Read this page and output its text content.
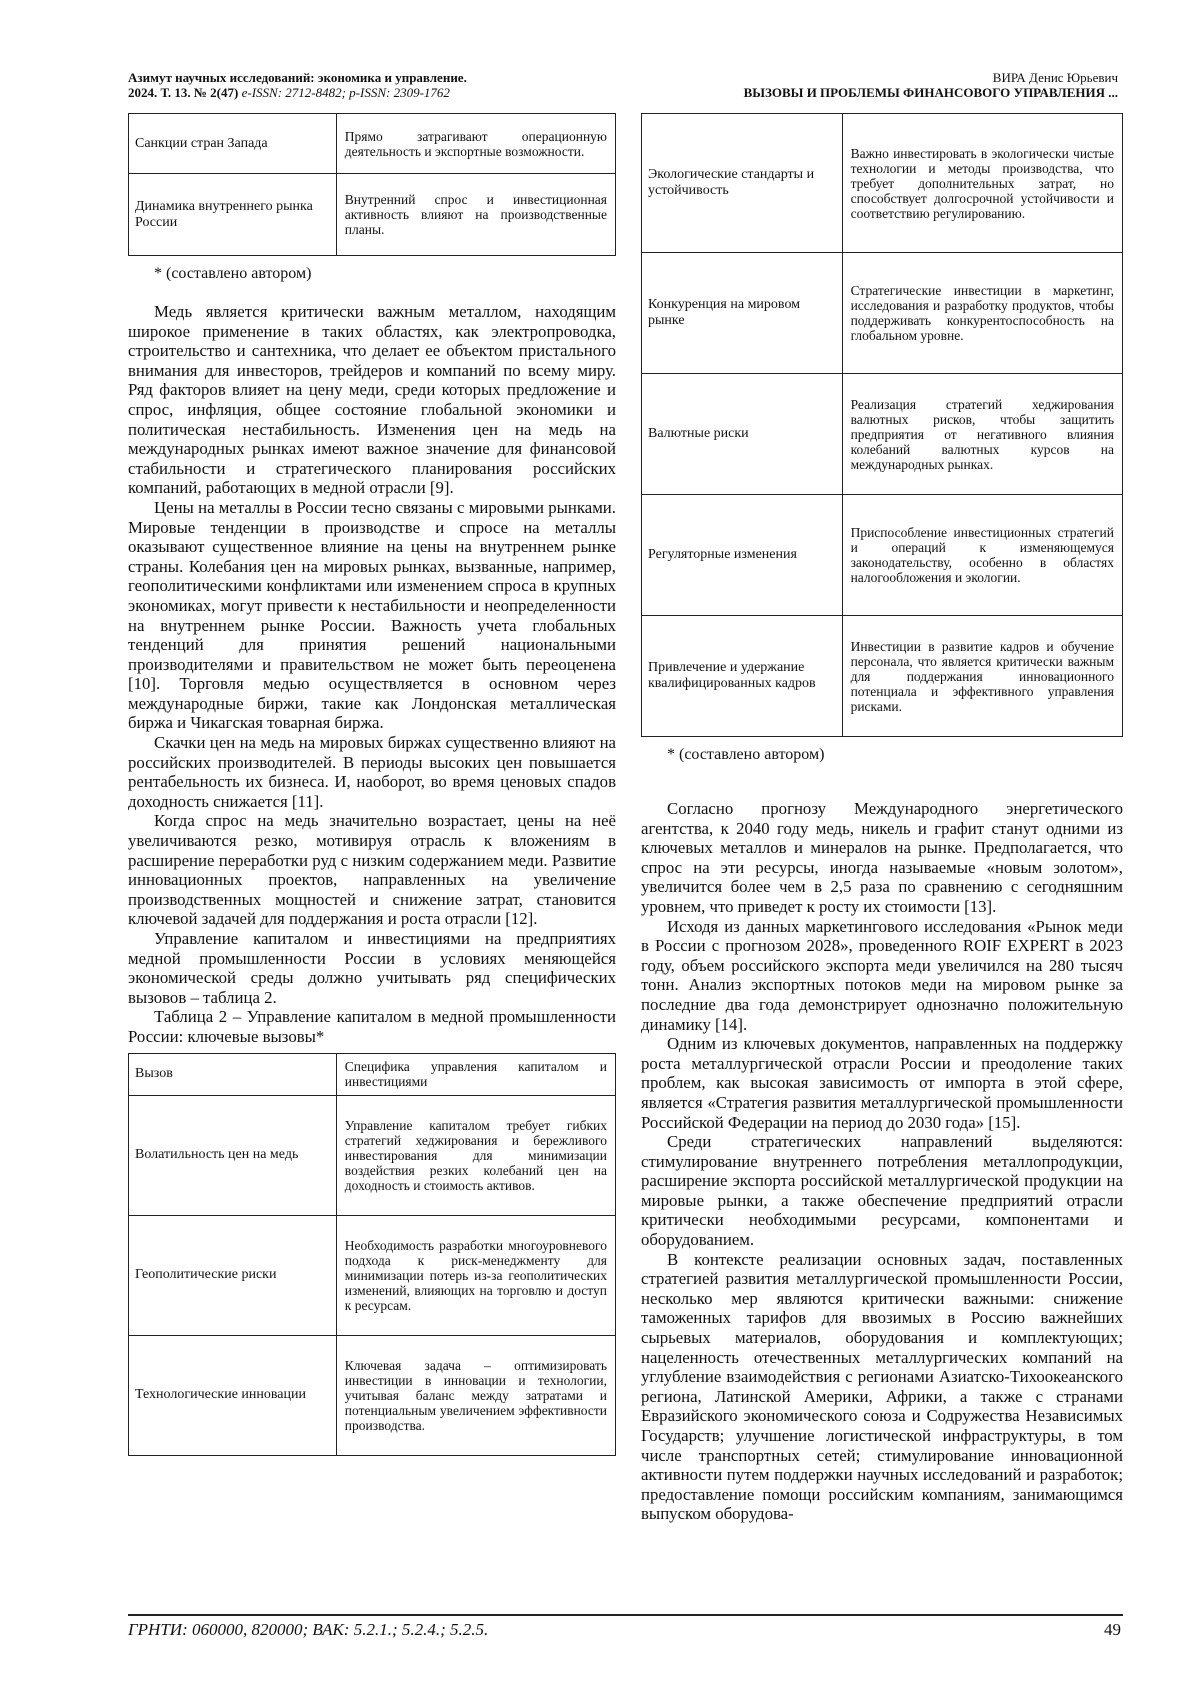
Азимут научных исследований: экономика и управление.
2024. Т. 13. № 2(47) e-ISSN: 2712-8482; p-ISSN: 2309-1762
ВИРА Денис Юрьевич
ВЫЗОВЫ И ПРОБЛЕМЫ ФИНАНСОВОГО УПРАВЛЕНИЯ ...
Санкции стран Запада	Прямо затрагивают операционную деятельность и экспортные возможности.
Динамика внутреннего рынка России	Внутренний спрос и инвестиционная активность влияют на производственные планы.
* (составлено автором)

Медь является критически важным металлом, находящим широкое применение в таких областях, как электропроводка, строительство и сантехника, что делает ее объектом пристального внимания для инвесторов, трейдеров и компаний по всему миру. Ряд факторов влияет на цену меди, среди которых предложение и спрос, инфляция, общее состояние глобальной экономики и политическая нестабильность. Изменения цен на медь на международных рынках имеют важное значение для финансовой стабильности и стратегического планирования российских компаний, работающих в медной отрасли [9].

Цены на металлы в России тесно связаны с мировыми рынками. Мировые тенденции в производстве и спросе на металлы оказывают существенное влияние на цены на внутреннем рынке страны. Колебания цен на мировых рынках, вызванные, например, геополитическими конфликтами или изменением спроса в крупных экономиках, могут привести к нестабильности и неопределенности на внутреннем рынке России. Важность учета глобальных тенденций для принятия решений национальными производителями и правительством не может быть переоценена [10]. Торговля медью осуществляется в основном через международные биржи, такие как Лондонская металлическая биржа и Чикагская товарная биржа.

Скачки цен на медь на мировых биржах существенно влияют на российских производителей. В периоды высоких цен повышается рентабельность их бизнеса. И, наоборот, во время ценовых спадов доходность снижается [11].

Когда спрос на медь значительно возрастает, цены на неё увеличиваются резко, мотивируя отрасль к вложениям в расширение переработки руд с низким содержанием меди. Развитие инновационных проектов, направленных на увеличение производственных мощностей и снижение затрат, становится ключевой задачей для поддержания и роста отрасли [12].

Управление капиталом и инвестициями на предприятиях медной промышленности России в условиях меняющейся экономической среды должно учитывать ряд специфических вызовов – таблица 2.

Таблица 2 – Управление капиталом в медной промышленности России: ключевые вызовы*

Вызов	Специфика управления капиталом и инвестициями
Волатильность цен на медь	Управление капиталом требует гибких стратегий хеджирования и бережливого инвестирования для минимизации воздействия резких колебаний цен на доходность и стоимость активов.
Геополитические риски	Необходимость разработки многоуровневого подхода к риск-менеджменту для минимизации потерь из-за геополитических изменений, влияющих на торговлю и доступ к ресурсам.
Технологические инновации	Ключевая задача – оптимизировать инвестиции в инновации и технологии, учитывая баланс между затратами и потенциальным увеличением эффективности производства.
Экологические стандарты и устойчивость	Важно инвестировать в экологически чистые технологии и методы производства, что требует дополнительных затрат, но способствует долгосрочной устойчивости и соответствию регулированию.
Конкуренция на мировом рынке	Стратегические инвестиции в маркетинг, исследования и разработку продуктов, чтобы поддерживать конкурентоспособность на глобальном уровне.
Валютные риски	Реализация стратегий хеджирования валютных рисков, чтобы защитить предприятия от негативного влияния колебаний валютных курсов на международных рынках.
Регуляторные изменения	Приспособление инвестиционных стратегий и операций к изменяющемуся законодательству, особенно в областях налогообложения и экологии.
Привлечение и удержание квалифицированных кадров	Инвестиции в развитие кадров и обучение персонала, что является критически важным для поддержания инновационного потенциала и эффективного управления рисками.
* (составлено автором)

Согласно прогнозу Международного энергетического агентства, к 2040 году медь, никель и графит станут одними из ключевых металлов и минералов на рынке. Предполагается, что спрос на эти ресурсы, иногда называемые «новым золотом», увеличится более чем в 2,5 раза по сравнению с сегодняшним уровнем, что приведет к росту их стоимости [13].

Исходя из данных маркетингового исследования «Рынок меди в России с прогнозом 2028», проведенного ROIF EXPERT в 2023 году, объем российского экспорта меди увеличился на 280 тысяч тонн. Анализ экспортных потоков меди на мировом рынке за последние два года демонстрирует однозначно положительную динамику [14].

Одним из ключевых документов, направленных на поддержку роста металлургической отрасли России и преодоление таких проблем, как высокая зависимость от импорта в этой сфере, является «Стратегия развития металлургической промышленности Российской Федерации на период до 2030 года» [15].

Среди стратегических направлений выделяются: стимулирование внутреннего потребления металлопродукции, расширение экспорта российской металлургической продукции на мировые рынки, а также обеспечение предприятий отрасли критически необходимыми ресурсами, компонентами и оборудованием.

В контексте реализации основных задач, поставленных стратегией развития металлургической промышленности России, несколько мер являются критически важными: снижение таможенных тарифов для ввозимых в Россию важнейших сырьевых материалов, оборудования и комплектующих; нацеленность отечественных металлургических компаний на углубление взаимодействия с регионами Азиатско-Тихоокеанского региона, Латинской Америки, Африки, а также с странами Евразийского экономического союза и Содружества Независимых Государств; улучшение логистической инфраструктуры, в том числе транспортных сетей; стимулирование инновационной активности путем поддержки научных исследований и разработок; предоставление помощи российским компаниям, занимающимся выпуском оборудова-

ГРНТИ: 060000, 820000; ВАК: 5.2.1.; 5.2.4.; 5.2.5.	49
